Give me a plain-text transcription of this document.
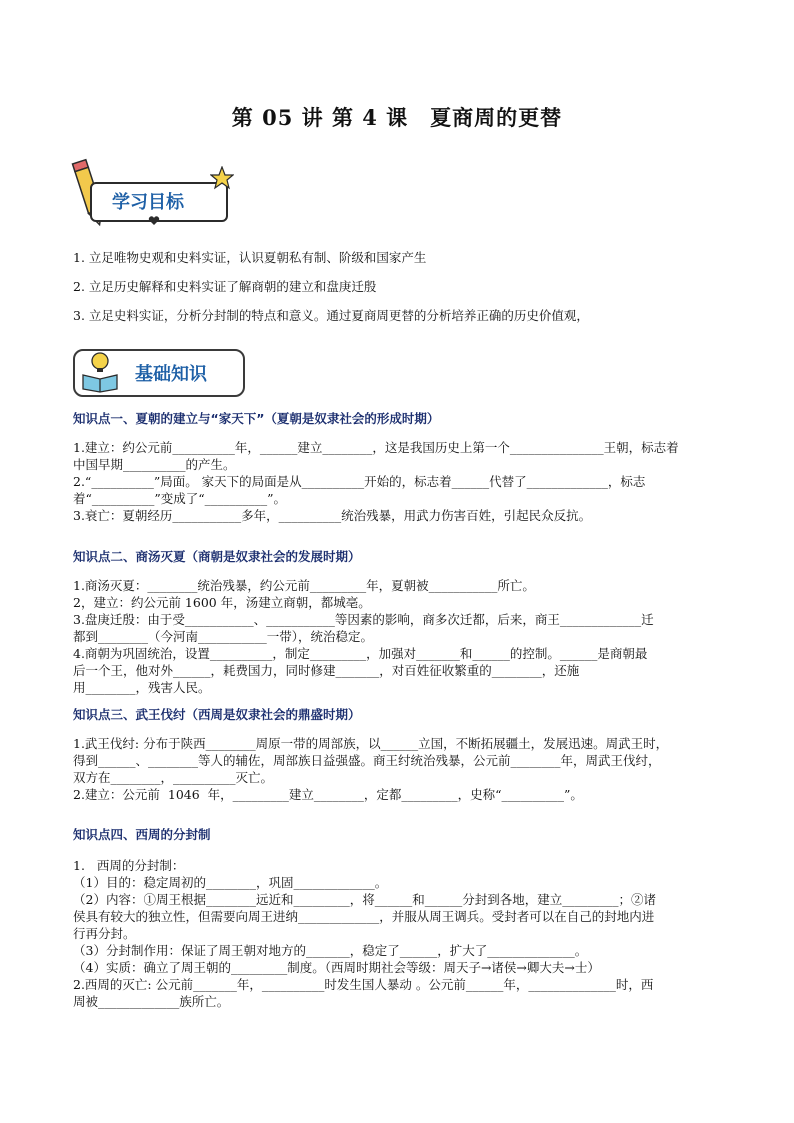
第 05 讲 第 4 课　夏商周的更替
学习目标
1. 立足唯物史观和史料实证，认识夏朝私有制、阶级和国家产生
2. 立足历史解释和史料实证了解商朝的建立和盘庚迁殷
3. 立足史料实证，分析分封制的特点和意义。通过夏商周更替的分析培养正确的历史价值观，
基础知识
知识点一、夏朝的建立与“家天下”（夏朝是奴隶社会的形成时期）
1.建立：约公元前__________年，______建立________，这是我国历史上第一个_______________王朝，标志着
中国早期__________的产生。
2.“__________”局面。 家天下的局面是从__________开始的，标志着______代替了_____________，标志
着“__________”变成了“__________”。
3.衰亡：夏朝经历___________多年，__________统治残暴，用武力伤害百姓，引起民众反抗。
知识点二、商汤灭夏（商朝是奴隶社会的发展时期）
1.商汤灭夏：________统治残暴，约公元前_________年，夏朝被___________所亡。
2，建立：约公元前 1600 年，汤建立商朝，都城亳。
3.盘庚迁殷：由于受___________、___________等因素的影响，商多次迁都，后来，商王_____________迁
都到________（今河南___________一带），统治稳定。
4.商朝为巩固统治，设置__________，制定_________，加强对_______和______的控制。______是商朝最
后一个王，他对外______，耗费国力，同时修建_______，对百姓征收繁重的________，还施
用________，残害人民。
知识点三、武王伐纣（西周是奴隶社会的鼎盛时期）
1.武王伐纣: 分布于陕西________周原一带的周部族，以______立国，不断拓展疆土，发展迅速。周武王时，
得到______、________等人的辅佐，周部族日益强盛。商王纣统治残暴，公元前________年，周武王伐纣，
双方在________，__________灭亡。
2.建立：公元前  1046  年，_________建立________，定都_________，史称“__________”。
知识点四、西周的分封制
1.   西周的分封制：
（1）目的：稳定周初的________，巩固_____________。
（2）内容：①周王根据________远近和_________，将______和______分封到各地，建立_________；②诸
侯具有较大的独立性，但需要向周王进纳_____________，并服从周王调兵。受封者可以在自己的封地内进
行再分封。
（3）分封制作用：保证了周王朝对地方的_______，稳定了______，扩大了______________。
（4）实质：确立了周王朝的_________制度。（西周时期社会等级：周天子→诸侯→卿大夫→士）
2.西周的灭亡: 公元前_______年，__________时发生国人暴动 。公元前______年，______________时，西
周被_____________族所亡。
